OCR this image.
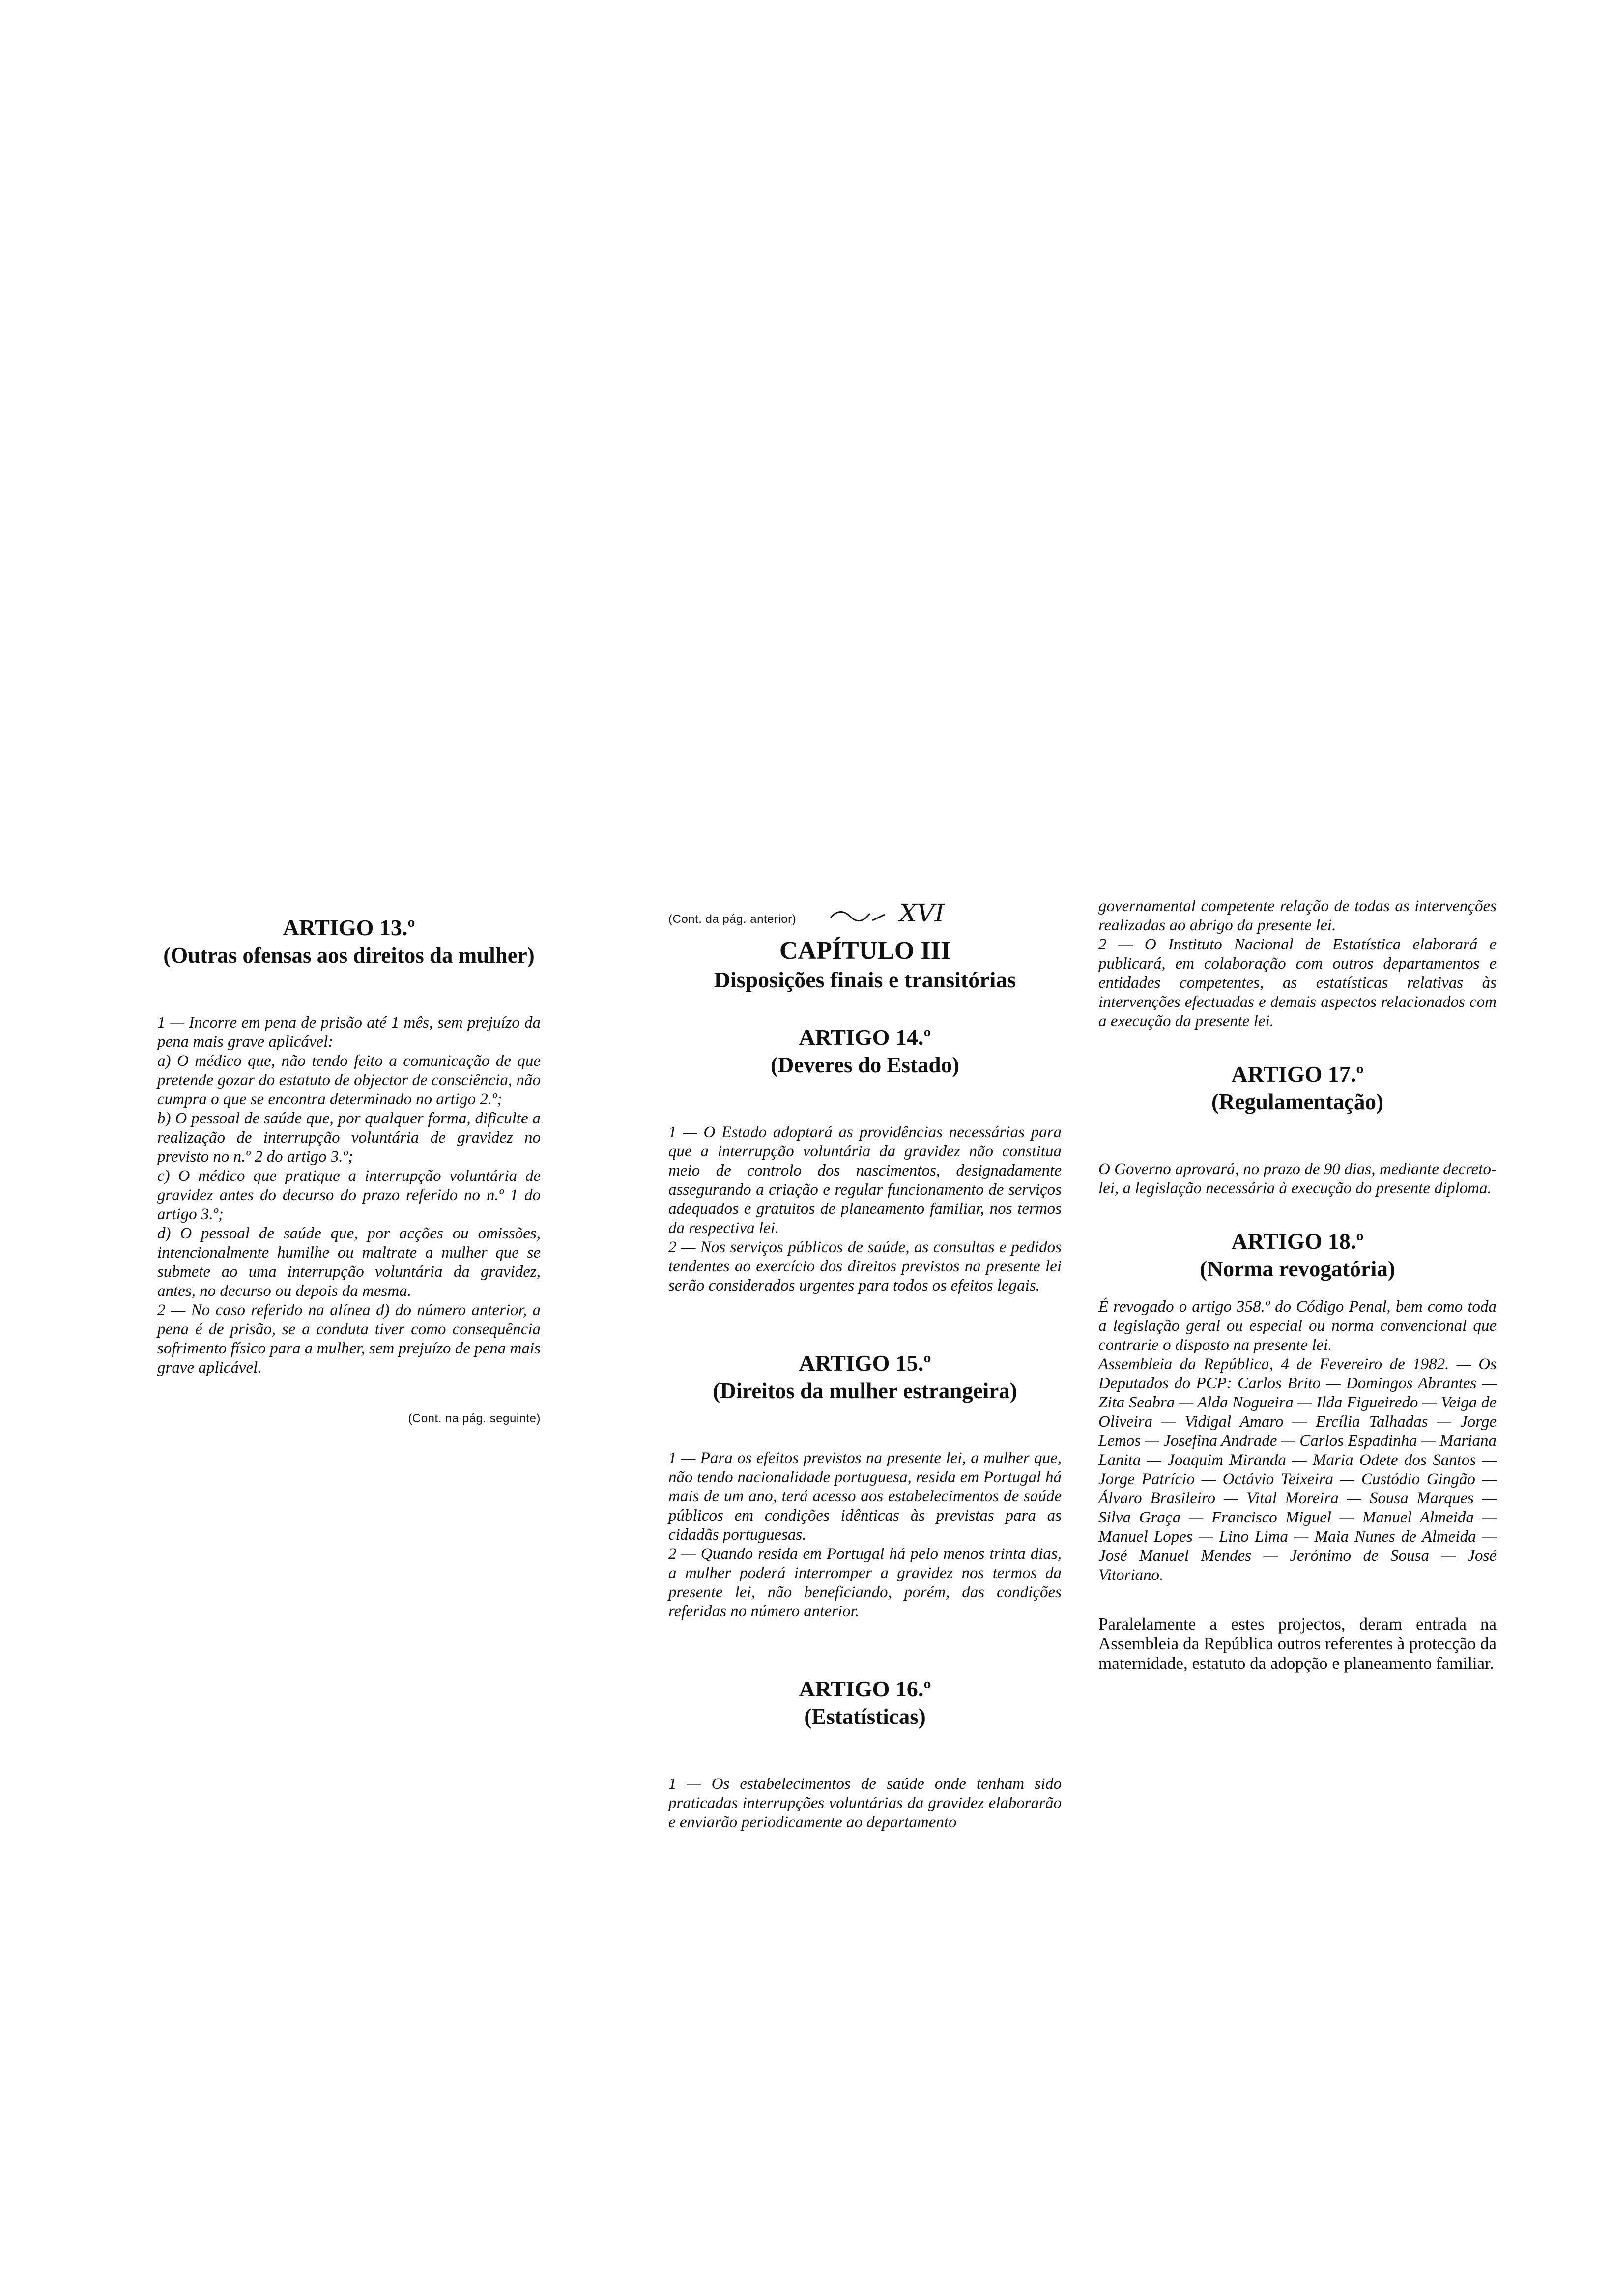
ARTIGO 13.º
(Outras ofensas aos direitos da mulher)

1 — Incorre em pena de prisão até 1 mês, sem prejuízo da pena mais grave aplicável:
a) O médico que, não tendo feito a comunicação de que pretende gozar do estatuto de objector de consciência, não cumpra o que se encontra determinado no artigo 2.º;
b) O pessoal de saúde que, por qualquer forma, dificulte a realização de interrupção voluntária de gravidez no previsto no n.º 2 do artigo 3.º;
c) O médico que pratique a interrupção voluntária de gravidez antes do decurso do prazo referido no n.º 1 do artigo 3.º;
d) O pessoal de saúde que, por acções ou omissões, intencionalmente humilhe ou maltrate a mulher que se submete ao uma interrupção voluntária da gravidez, antes, no decurso ou depois da mesma.
2 — No caso referido na alínea d) do número anterior, a pena é de prisão, se a conduta tiver como consequência sofrimento físico para a mulher, sem prejuízo de pena mais grave aplicável.

(Cont. na pág. seguinte)
(Cont. da pág. anterior)	XVI
CAPÍTULO III
Disposições finais e transitórias
ARTIGO 14.º
(Deveres do Estado)

1 — O Estado adoptará as providências necessárias para que a interrupção voluntária da gravidez não constitua meio de controlo dos nascimentos, designadamente assegurando a criação e regular funcionamento de serviços adequados e gratuitos de planeamento familiar, nos termos da respectiva lei.
2 — Nos serviços públicos de saúde, as consultas e pedidos tendentes ao exercício dos direitos previstos na presente lei serão considerados urgentes para todos os efeitos legais.

ARTIGO 15.º
(Direitos da mulher estrangeira)

1 — Para os efeitos previstos na presente lei, a mulher que, não tendo nacionalidade portuguesa, resida em Portugal há mais de um ano, terá acesso aos estabelecimentos de saúde públicos em condições idênticas às previstas para as cidadãs portuguesas.
2 — Quando resida em Portugal há pelo menos trinta dias, a mulher poderá interromper a gravidez nos termos da presente lei, não beneficiando, porém, das condições referidas no número anterior.

ARTIGO 16.º
(Estatísticas)

1 — Os estabelecimentos de saúde onde tenham sido praticadas interrupções voluntárias da gravidez elaborarão e enviarão periodicamente ao departamento

governamental competente relação de todas as intervenções realizadas ao abrigo da presente lei.
2 — O Instituto Nacional de Estatística elaborará e publicará, em colaboração com outros departamentos e entidades competentes, as estatísticas relativas às intervenções efectuadas e demais aspectos relacionados com a execução da presente lei.

ARTIGO 17.º
(Regulamentação)

O Governo aprovará, no prazo de 90 dias, mediante decreto-lei, a legislação necessária à execução do presente diploma.

ARTIGO 18.º
(Norma revogatória)

É revogado o artigo 358.º do Código Penal, bem como toda a legislação geral ou especial ou norma convencional que contrarie o disposto na presente lei.
Assembleia da República, 4 de Fevereiro de 1982. — Os Deputados do PCP: Carlos Brito — Domingos Abrantes — Zita Seabra — Alda Nogueira — Ilda Figueiredo — Veiga de Oliveira — Vidigal Amaro — Ercília Talhadas — Jorge Lemos — Josefina Andrade — Carlos Espadinha — Mariana Lanita — Joaquim Miranda — Maria Odete dos Santos — Jorge Patrício — Octávio Teixeira — Custódio Gingão — Álvaro Brasileiro — Vital Moreira — Sousa Marques — Silva Graça — Francisco Miguel — Manuel Almeida — Manuel Lopes — Lino Lima — Maia Nunes de Almeida — José Manuel Mendes — Jerónimo de Sousa — José Vitoriano.

Paralelamente a estes projectos, deram entrada na Assembleia da República outros referentes à protecção da maternidade, estatuto da adopção e planeamento familiar.
